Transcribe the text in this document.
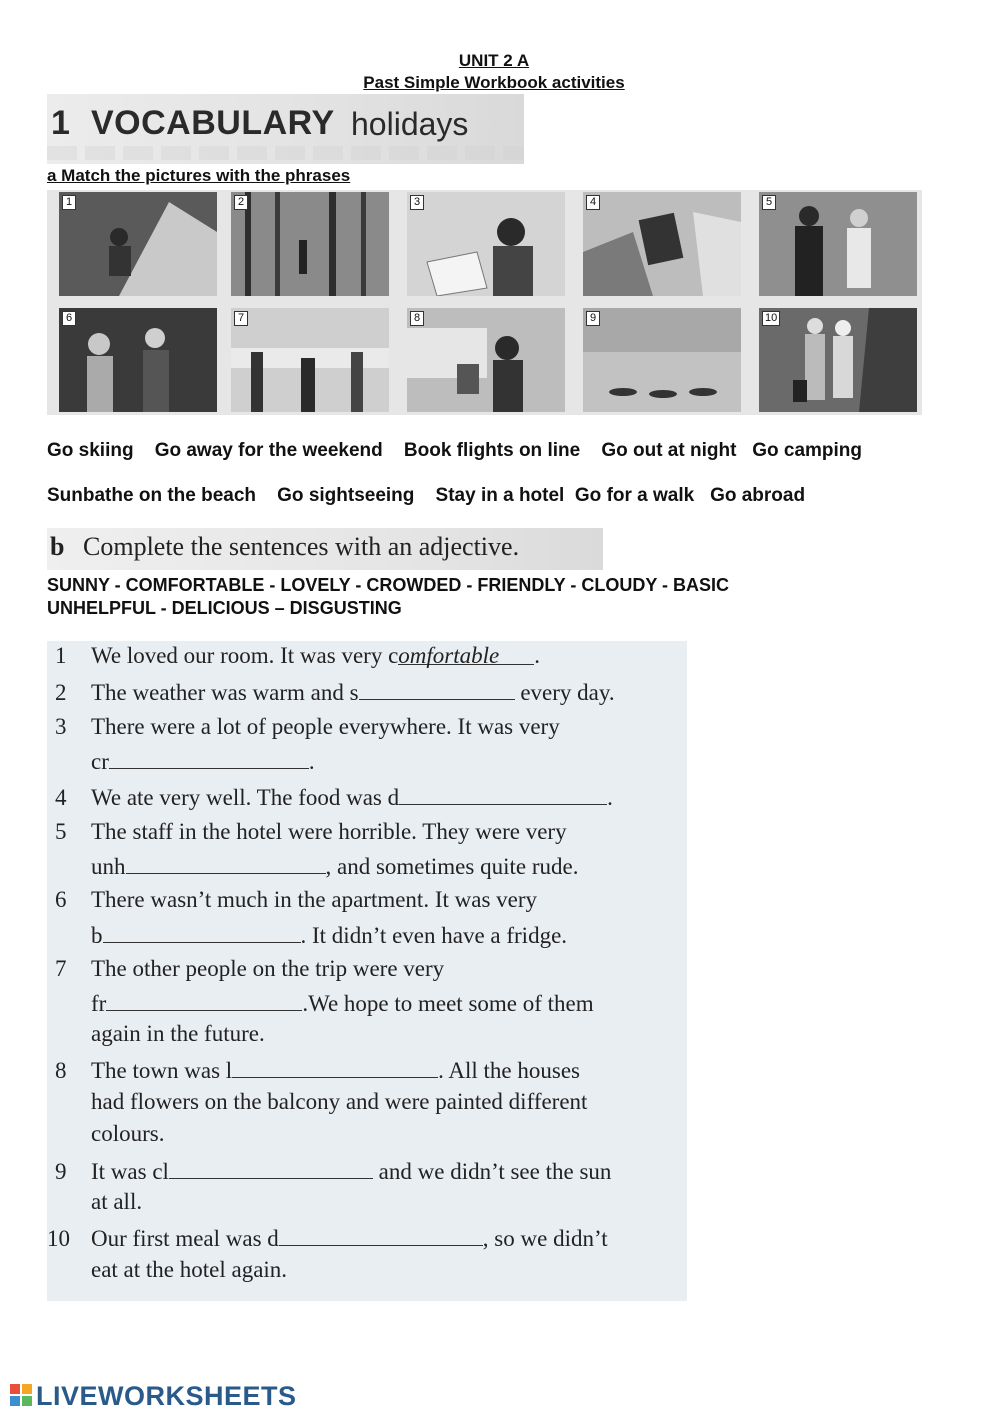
UNIT 2 A
Past Simple Workbook activities
1 VOCABULARY holidays
a Match the pictures with the phrases
1	2	3	4	5
6	7	8	9	10
Go skiing Go away for the weekend Book flights on line Go out at night Go camping
Sunbathe on the beach Go sightseeing Stay in a hotel Go for a walk Go abroad
b Complete the sentences with an adjective.
SUNNY - COMFORTABLE - LOVELY - CROWDED - FRIENDLY - CLOUDY - BASIC
UNHELPFUL - DELICIOUS – DISGUSTING
1 We loved our room. It was very comfortable .
2 The weather was warm and s	every day.
3 There were a lot of people everywhere. It was very
cr	.
4 We ate very well. The food was d	.
5 The staff in the hotel were horrible. They were very
unh	, and sometimes quite rude.
6 There wasn’t much in the apartment. It was very
b	. It didn’t even have a fridge.
7 The other people on the trip were very
fr	.We hope to meet some of them
again in the future.
8 The town was l	. All the houses
had flowers on the balcony and were painted different
colours.
9 It was cl	and we didn’t see the sun
at all.
10 Our first meal was d	, so we didn’t
eat at the hotel again.
LIVEWORKSHEETS
